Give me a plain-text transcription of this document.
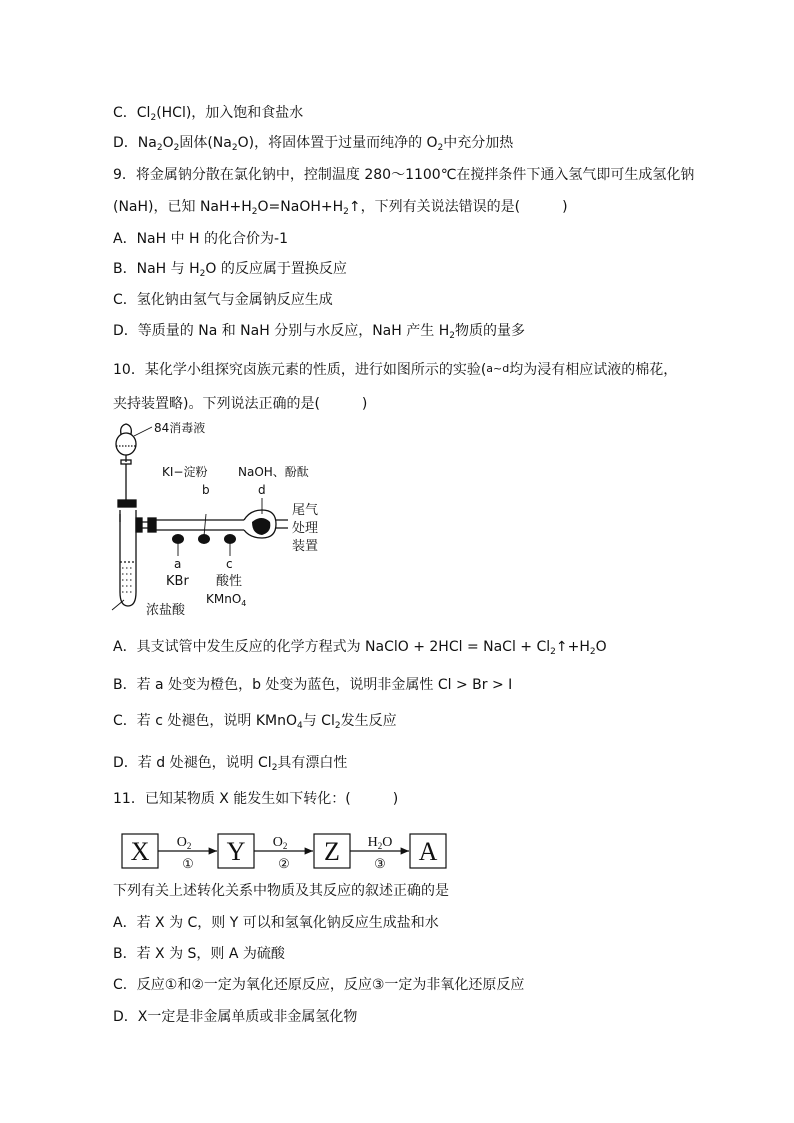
C．$Cl_2(HCl)$，加入饱和食盐水
D．$Na_2O_2$固体$(Na_2O)$，将固体置于过量而纯净的 $O_2$中充分加热
9．将金属钠分散在氯化钠中，控制温度 280～1100℃在搅拌条件下通入氢气即可生成氢化钠
(NaH)，已知 $NaH+H_2O=NaOH+H_2↑$，下列有关说法错误的是(　　　)
A．NaH 中 H 的化合价为-1
B．NaH 与 $H_2O$ 的反应属于置换反应
C．氢化钠由氢气与金属钠反应生成
D．等质量的 Na 和 NaH 分别与水反应，NaH 产生 $H_2$物质的量多
10．某化学小组探究卤族元素的性质，进行如图所示的实验(a~d均为浸有相应试液的棉花，
夹持装置略)。下列说法正确的是(　　　)
84消毒液
KI−淀粉	NaOH、酚酞
b	d
尾气
处理
装置
a
KBr
c
酸性
KMnO$_4$
浓盐酸
A．具支试管中发生反应的化学方程式为 NaClO + 2HCl = NaCl + $Cl_2↑+H_2O$
B．若 a 处变为橙色，b 处变为蓝色，说明非金属性 Cl > Br > I
C．若 c 处褪色，说明 KMnO$_4$与 $Cl_2$发生反应
D．若 d 处褪色，说明 $Cl_2$具有漂白性
11．已知某物质 X 能发生如下转化：(　　　)
X	Y	Z	A
$O_2$
①
$O_2$
②
$H_2O$
③
下列有关上述转化关系中物质及其反应的叙述正确的是
A．若 X 为 C，则 Y 可以和氢氧化钠反应生成盐和水
B．若 X 为 S，则 A 为硫酸
C．反应①和②一定为氧化还原反应，反应③一定为非氧化还原反应
D．X一定是非金属单质或非金属氢化物
